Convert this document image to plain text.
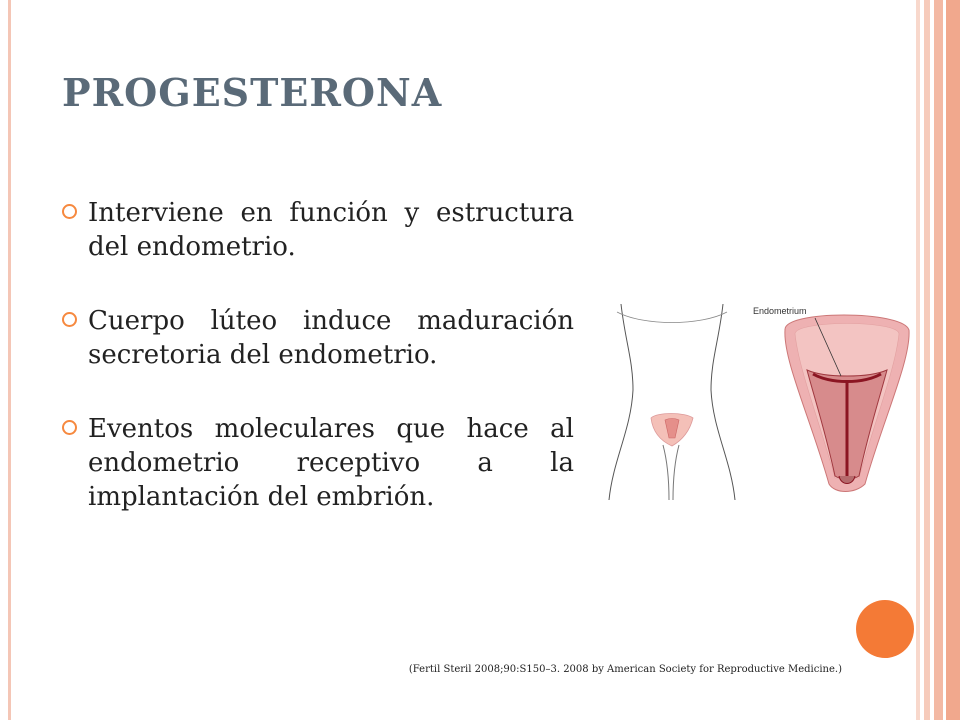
PROGESTERONA
Interviene en función y estructura del endometrio.
Cuerpo lúteo induce maduración secretoria del endometrio.
Eventos moleculares que hace al endometrio receptivo a la implantación del embrión.
Endometrium
(Fertil Steril 2008;90:S150–3. 2008 by American Society for Reproductive Medicine.)
